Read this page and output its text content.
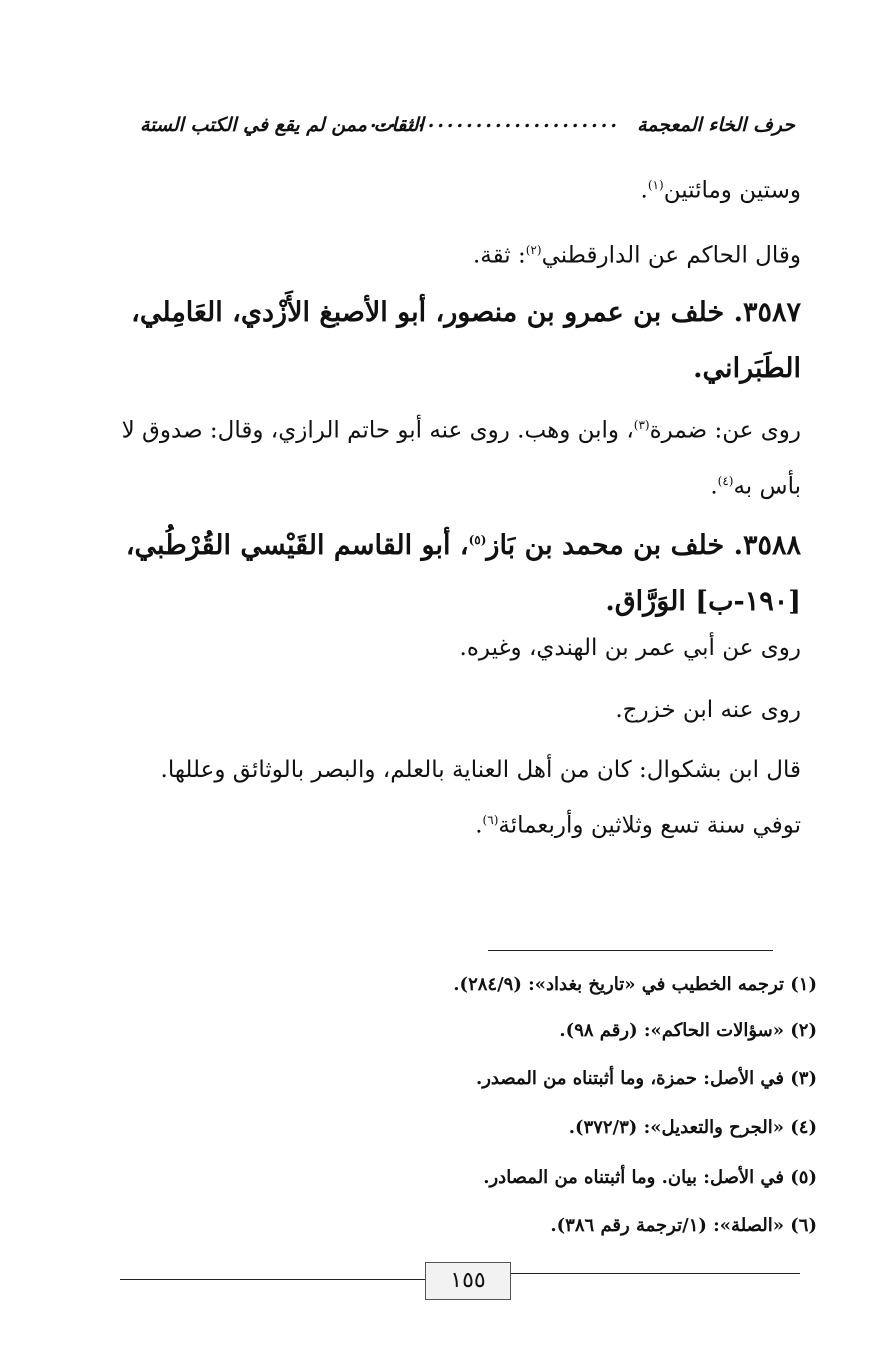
حرف الخاء المعجمة
..........................
الثقات ممن لم يقع في الكتب الستة
وستين ومائتين$^{(١)}$.
وقال الحاكم عن الدارقطني$^{(٢)}$: ثقة.
٣٥٨٧. خلف بن عمرو بن منصور، أبو الأصبغ الأَزْدي، العَامِلي، الطَبَراني.
روى عن: ضمرة$^{(٣)}$، وابن وهب. روى عنه أبو حاتم الرازي، وقال: صدوق لا بأس به$^{(٤)}$.
٣٥٨٨. خلف بن محمد بن بَاز$^{(٥)}$، أبو القاسم القَيْسي القُرْطُبي، [١٩٠-ب] الوَرَّاق.
روى عن أبي عمر بن الهندي، وغيره.
روى عنه ابن خزرج.
قال ابن بشكوال: كان من أهل العناية بالعلم، والبصر بالوثائق وعللها. توفي سنة تسع وثلاثين وأربعمائة$^{(٦)}$.
(١) ترجمه الخطيب في «تاريخ بغداد»: (٢٨٤/٩).
(٢) «سؤالات الحاكم»: (رقم ٩٨).
(٣) في الأصل: حمزة، وما أثبتناه من المصدر.
(٤) «الجرح والتعديل»: (٣٧٢/٣).
(٥) في الأصل: بيان. وما أثبتناه من المصادر.
(٦) «الصلة»: (١/ترجمة رقم ٣٨٦).
١٥٥
